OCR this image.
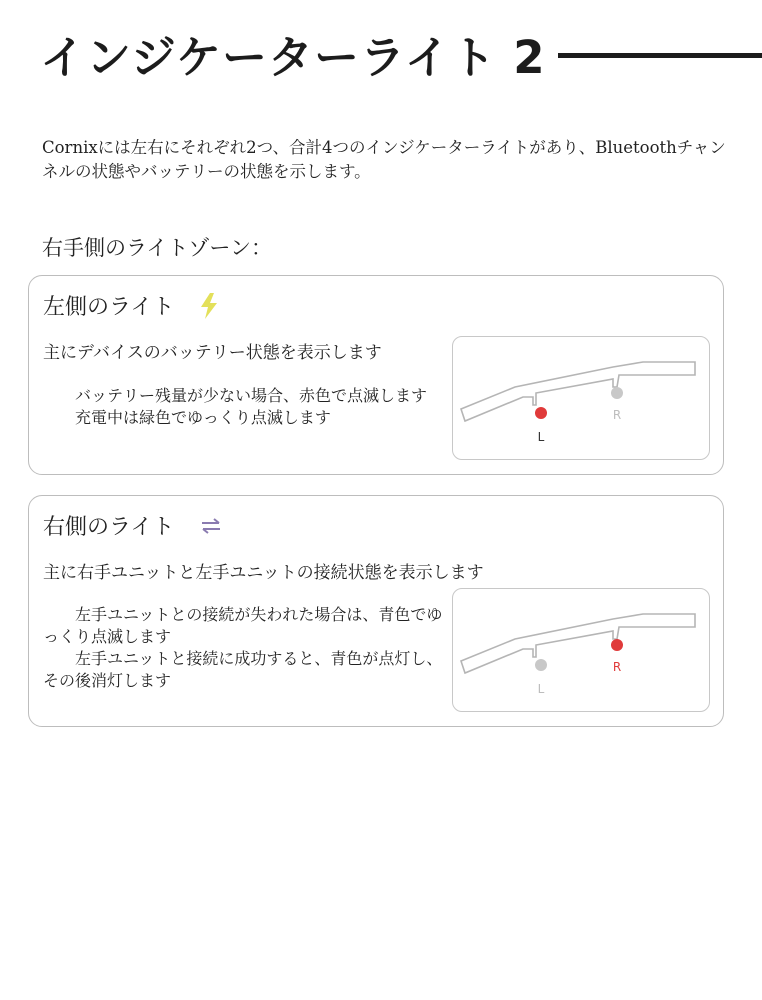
インジケーターライト 2
Cornixには左右にそれぞれ2つ、合計4つのインジケーターライトがあり、Bluetoothチャンネルの状態やバッテリーの状態を示します。
右手側のライトゾーン：
左側のライト
主にデバイスのバッテリー状態を表示します

バッテリー残量が少ない場合、赤色で点滅します

充電中は緑色でゆっくり点滅します

L
R
右側のライト
主に右手ユニットと左手ユニットの接続状態を表示します

左手ユニットとの接続が失われた場合は、青色でゆっくり点滅します

左手ユニットと接続に成功すると、青色が点灯し、その後消灯します	L
R
